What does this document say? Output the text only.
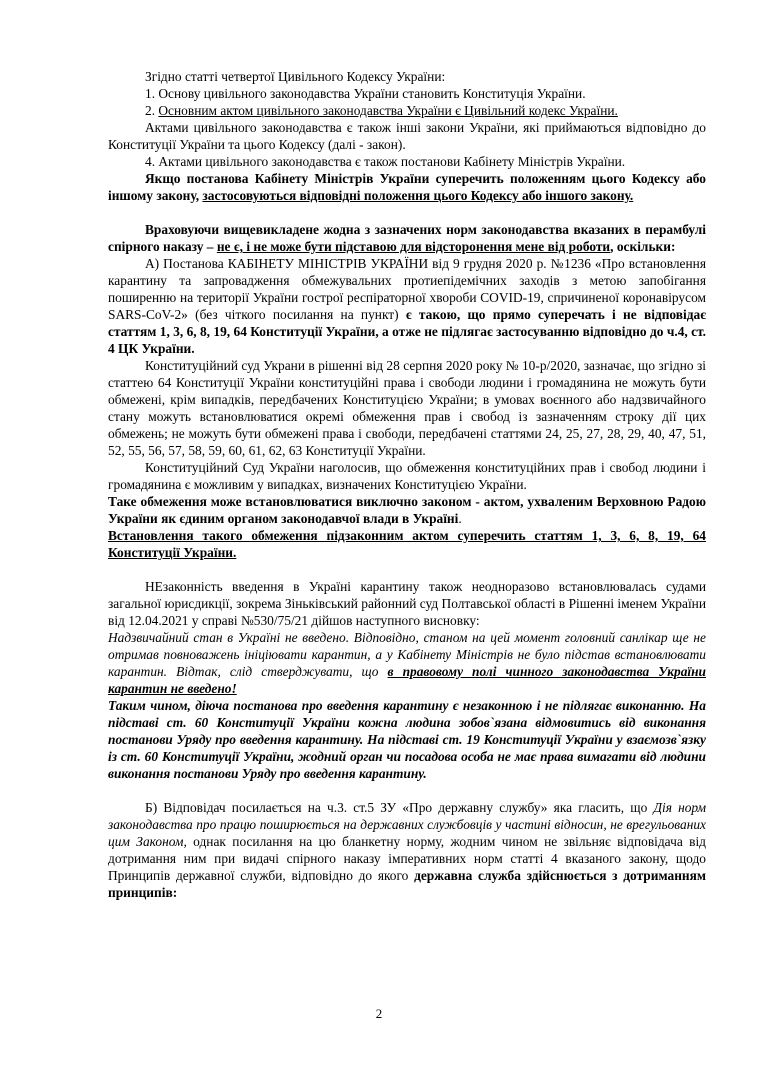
Згідно статті четвертої Цивільного Кодексу України:

1. Основу цивільного законодавства України становить Конституція України.

2. Основним актом цивільного законодавства України є Цивільний кодекс України.

Актами цивільного законодавства є також інші закони України, які приймаються відповідно до Конституції України та цього Кодексу (далі - закон).

4. Актами цивільного законодавства є також постанови Кабінету Міністрів України.

Якщо постанова Кабінету Міністрів України суперечить положенням цього Кодексу або іншому закону, застосовуються відповідні положення цього Кодексу або іншого закону.

Враховуючи вищевикладене жодна з зазначених норм законодавства вказаних в перамбулі спірного наказу – не є, і не може бути підставою для відсторонення мене від роботи, оскільки:

А) Постанова КАБІНЕТУ МІНІСТРІВ УКРАЇНИ від 9 грудня 2020 р. №1236 «Про встановлення карантину та запровадження обмежувальних протиепідемічних заходів з метою запобігання поширенню на території України гострої респіраторної хвороби COVID-19, спричиненої коронавірусом SARS-CoV-2» (без чіткого посилання на пункт) є такою, що прямо суперечать і не відповідає статтям 1, 3, 6, 8, 19, 64 Конституції України, а отже не підлягає застосуванню відповідно до ч.4, ст. 4 ЦК України.

Конституційний суд Укрaни в рішенні від 28 серпня 2020 року № 10-р/2020, зазначає, що згідно зі статтею 64 Конституції України конституційні права і свободи людини і громадянина не можуть бути обмежені, крім випадків, передбачених Конституцією України; в умовах воєнного або надзвичайного стану можуть встановлюватися окремі обмеження прав і свобод із зазначенням строку дії цих обмежень; не можуть бути обмежені права і свободи, передбачені статтями 24, 25, 27, 28, 29, 40, 47, 51, 52, 55, 56, 57, 58, 59, 60, 61, 62, 63 Конституції України.

Конституційний Суд України наголосив, що обмеження конституційних прав і свобод людини і громадянина є можливим у випадках, визначених Конституцією України.

Таке обмеження може встановлюватися виключно законом - актом, ухваленим Верховною Радою України як єдиним органом законодавчої влади в Україні.

Встановлення такого обмеження підзаконним актом суперечить статтям 1, 3, 6, 8, 19, 64 Конституції України.

НЕзаконність введення в Україні карантину також неодноразово встановлювалась судами загальної юрисдикції, зокрема Зіньківський районний суд Полтавської області в Рішенні іменем України від 12.04.2021 у справі №530/75/21 дійшов наступного висновку:

Надзвичайний стан в Україні не введено. Відповідно, станом на цей момент головний санлікар ще не отримав повноважень ініціювати карантин, а у Кабінету Міністрів не було підстав встановлювати карантин. Відтак, слід стверджувати, що в правовому полі чинного законодавства України карантин не введено!

Таким чином, діюча постанова про введення карантину є незаконною і не підлягає виконанню. На підставі ст. 60 Конституції України кожна людина зобов`язана відмовитись від виконання постанови Уряду про введення карантину. На підставі ст. 19 Конституції України у взаємозв`язку із ст. 60 Конституції України, жодний орган чи посадова особа не має права вимагати від людини виконання постанови Уряду про введення карантину.

Б) Відповідач посилається на ч.3. ст.5 ЗУ «Про державну службу» яка гласить, що Дія норм законодавства про працю поширюється на державних службовців у частині відносин, не врегульованих цим Законом, однак посилання на цю бланкетну норму, жодним чином не звільняє відповідача від дотримання ним при видачі спірного наказу імперативних норм статті 4 вказаного закону, щодо Принципів державної служби, відповідно до якого державна служба здійснюється з дотриманням принципів:

2
